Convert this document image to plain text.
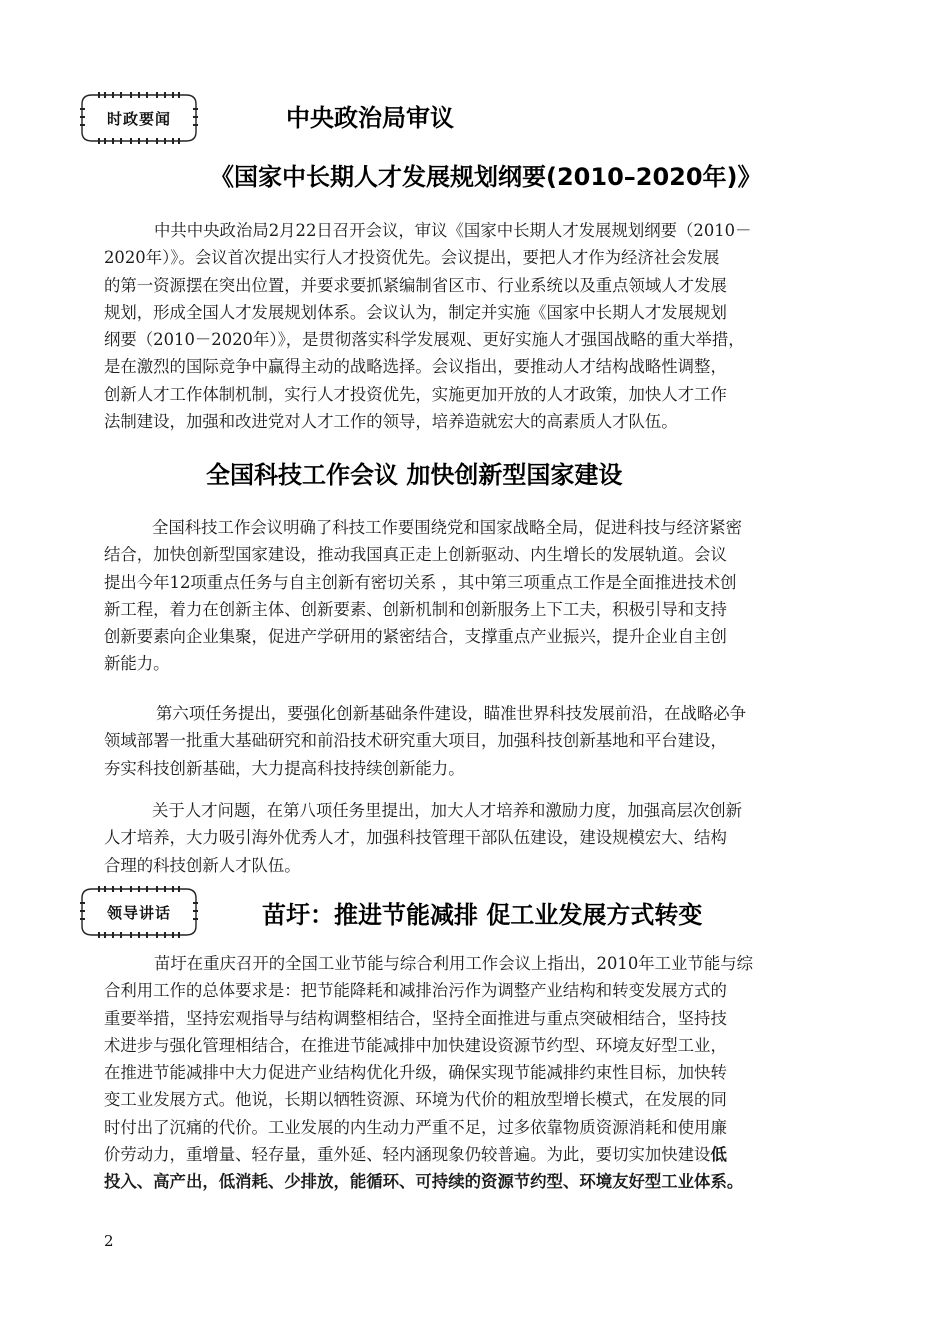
时政要闻	中央政治局审议
《国家中长期人才发展规划纲要(2010–2020年)》
中共中央政治局2月22日召开会议，审议《国家中长期人才发展规划纲要（2010－
2020年）》。会议首次提出实行人才投资优先。会议提出，要把人才作为经济社会发展
的第一资源摆在突出位置，并要求要抓紧编制省区市、行业系统以及重点领域人才发展
规划，形成全国人才发展规划体系。会议认为，制定并实施《国家中长期人才发展规划
纲要（2010－2020年）》，是贯彻落实科学发展观、更好实施人才强国战略的重大举措，
是在激烈的国际竞争中赢得主动的战略选择。会议指出，要推动人才结构战略性调整，
创新人才工作体制机制，实行人才投资优先，实施更加开放的人才政策，加快人才工作
法制建设，加强和改进党对人才工作的领导，培养造就宏大的高素质人才队伍。
全国科技工作会议 加快创新型国家建设
全国科技工作会议明确了科技工作要围绕党和国家战略全局，促进科技与经济紧密
结合，加快创新型国家建设，推动我国真正走上创新驱动、内生增长的发展轨道。会议
提出今年12项重点任务与自主创新有密切关系 ，其中第三项重点工作是全面推进技术创
新工程，着力在创新主体、创新要素、创新机制和创新服务上下工夫，积极引导和支持
创新要素向企业集聚，促进产学研用的紧密结合，支撑重点产业振兴，提升企业自主创
新能力。
第六项任务提出，要强化创新基础条件建设，瞄准世界科技发展前沿，在战略必争
领域部署一批重大基础研究和前沿技术研究重大项目，加强科技创新基地和平台建设，
夯实科技创新基础，大力提高科技持续创新能力。
关于人才问题，在第八项任务里提出，加大人才培养和激励力度，加强高层次创新
人才培养，大力吸引海外优秀人才，加强科技管理干部队伍建设，建设规模宏大、结构
合理的科技创新人才队伍。
领导讲话	苗圩：推进节能减排 促工业发展方式转变
苗圩在重庆召开的全国工业节能与综合利用工作会议上指出，2010年工业节能与综
合利用工作的总体要求是：把节能降耗和减排治污作为调整产业结构和转变发展方式的
重要举措，坚持宏观指导与结构调整相结合，坚持全面推进与重点突破相结合，坚持技
术进步与强化管理相结合，在推进节能减排中加快建设资源节约型、环境友好型工业，
在推进节能减排中大力促进产业结构优化升级，确保实现节能减排约束性目标，加快转
变工业发展方式。他说，长期以牺牲资源、环境为代价的粗放型增长模式，在发展的同
时付出了沉痛的代价。工业发展的内生动力严重不足，过多依靠物质资源消耗和使用廉
价劳动力，重增量、轻存量，重外延、轻内涵现象仍较普遍。为此，要切实加快建设低
投入、高产出，低消耗、少排放，能循环、可持续的资源节约型、环境友好型工业体系。
2
